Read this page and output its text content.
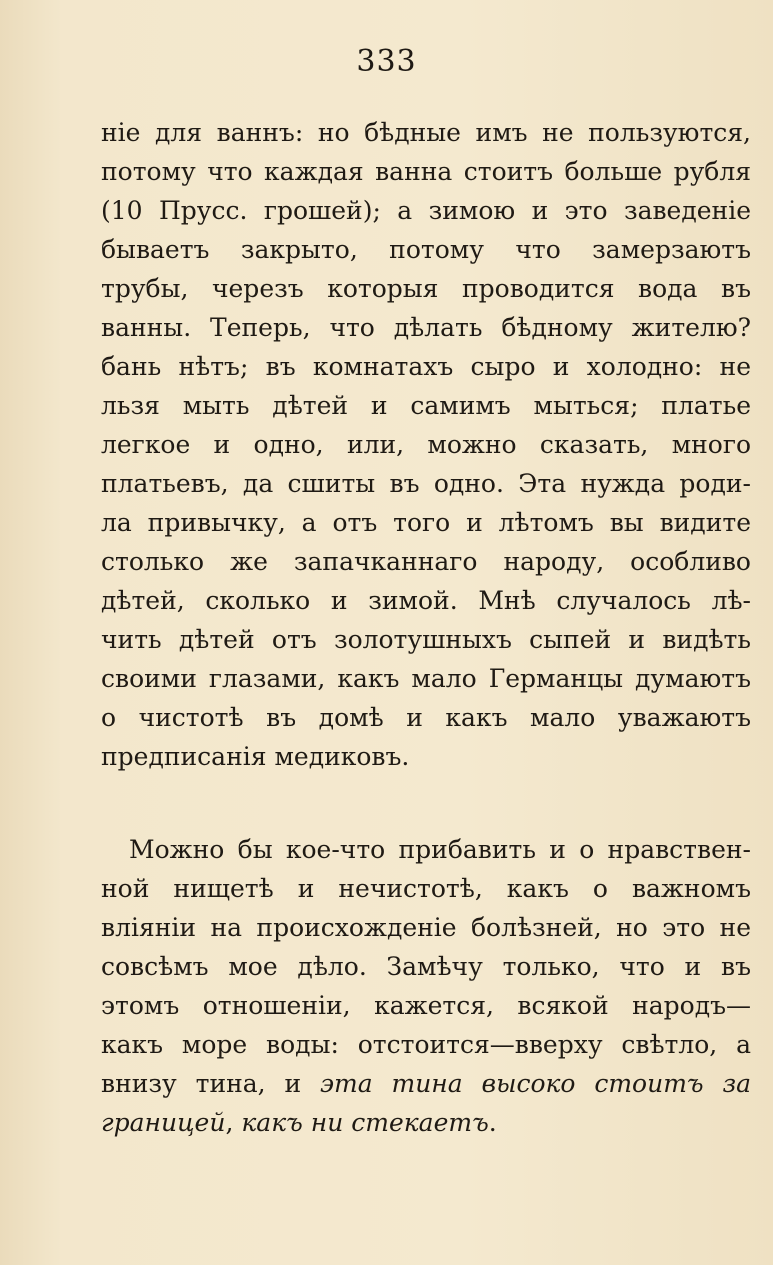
333
ніе для ваннъ: но бѣдные имъ не пользуются,
потому что каждая ванна стоитъ больше рубля
(10 Прусс. грошей); а зимою и это заведеніе
бываетъ закрыто, потому что замерзаютъ
трубы, черезъ которыя проводится вода въ
ванны. Теперь, что дѣлать бѣдному жителю?
бань нѣтъ; въ комнатахъ сыро и холодно: не
льзя мыть дѣтей и самимъ мыться; платье
легкое и одно, или, можно сказать, много
платьевъ, да сшиты въ одно. Эта нужда роди-
ла привычку, а отъ того и лѣтомъ вы видите
столько же запачканнаго народу, особливо
дѣтей, сколько и зимой. Мнѣ случалось лѣ-
чить дѣтей отъ золотушныхъ сыпей и видѣть
своими глазами, какъ мало Германцы думаютъ
о чистотѣ въ домѣ и какъ мало уважаютъ
предписанія медиковъ.
Можно бы кое-что прибавить и о нравствен-
ной нищетѣ и нечистотѣ, какъ о важномъ
вліяніи на происхожденіе болѣзней, но это не
совсѣмъ мое дѣло. Замѣчу только, что и въ
этомъ отношеніи, кажется, всякой народъ—
какъ море воды: отстоится—вверху свѣтло, а
внизу тина, и эта тина высоко стоитъ за
границей, какъ ни стекаетъ.
